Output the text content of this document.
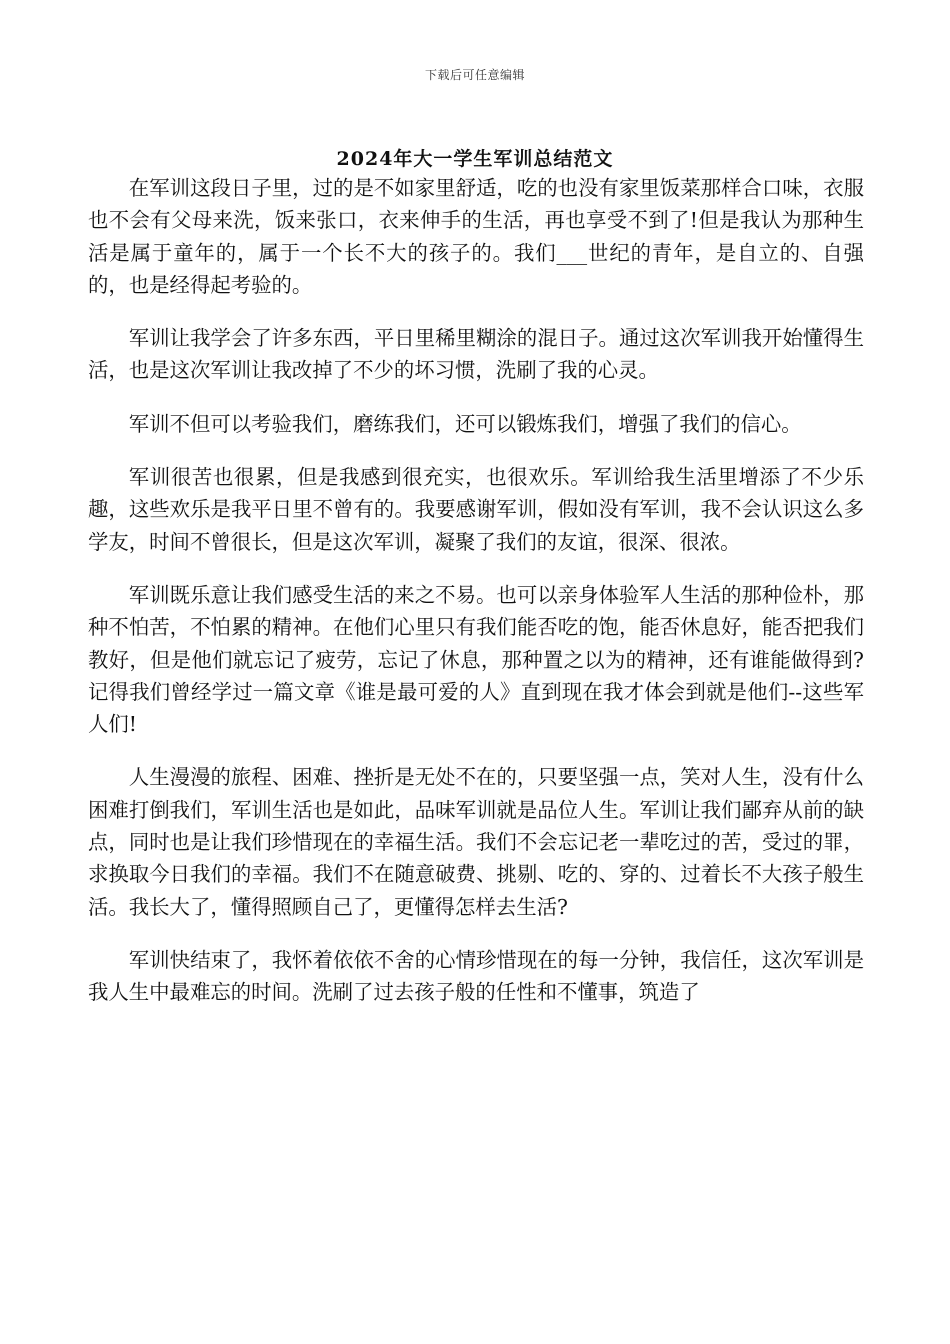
下载后可任意编辑
2024年大一学生军训总结范文

在军训这段日子里，过的是不如家里舒适，吃的也没有家里饭菜那样合口味，衣服也不会有父母来洗，饭来张口，衣来伸手的生活，再也享受不到了!但是我认为那种生活是属于童年的，属于一个长不大的孩子的。我们___世纪的青年，是自立的、自强的，也是经得起考验的。

军训让我学会了许多东西，平日里稀里糊涂的混日子。通过这次军训我开始懂得生活，也是这次军训让我改掉了不少的坏习惯，洗刷了我的心灵。

军训不但可以考验我们，磨练我们，还可以锻炼我们，增强了我们的信心。

军训很苦也很累，但是我感到很充实，也很欢乐。军训给我生活里增添了不少乐趣，这些欢乐是我平日里不曾有的。我要感谢军训，假如没有军训，我不会认识这么多学友，时间不曾很长，但是这次军训，凝聚了我们的友谊，很深、很浓。

军训既乐意让我们感受生活的来之不易。也可以亲身体验军人生活的那种俭朴，那种不怕苦，不怕累的精神。在他们心里只有我们能否吃的饱，能否休息好，能否把我们教好，但是他们就忘记了疲劳，忘记了休息，那种置之以为的精神，还有谁能做得到?记得我们曾经学过一篇文章《谁是最可爱的人》直到现在我才体会到就是他们--这些军人们!

人生漫漫的旅程、困难、挫折是无处不在的，只要坚强一点，笑对人生，没有什么困难打倒我们，军训生活也是如此，品味军训就是品位人生。军训让我们鄙弃从前的缺点，同时也是让我们珍惜现在的幸福生活。我们不会忘记老一辈吃过的苦，受过的罪，求换取今日我们的幸福。我们不在随意破费、挑剔、吃的、穿的、过着长不大孩子般生活。我长大了，懂得照顾自己了，更懂得怎样去生活?

军训快结束了，我怀着依依不舍的心情珍惜现在的每一分钟，我信任，这次军训是我人生中最难忘的时间。洗刷了过去孩子般的任性和不懂事，筑造了
